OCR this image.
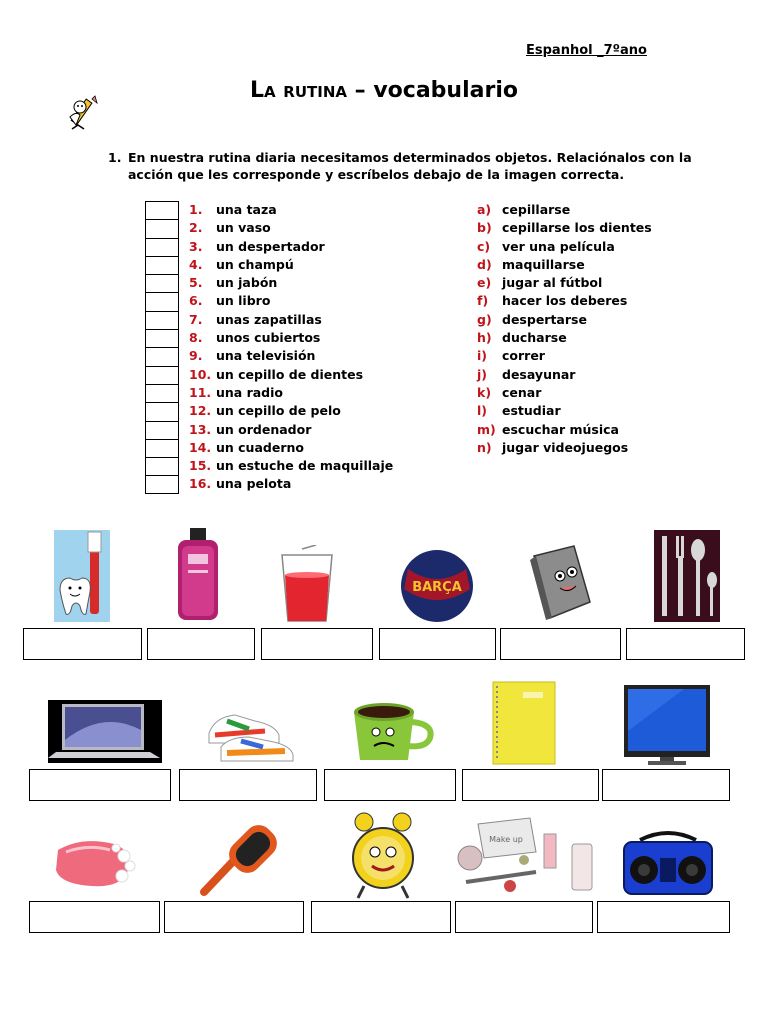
Espanhol _7ºano
La rutina – vocabulario
1. En nuestra rutina diaria necesitamos determinados objetos. Relaciónalos con la acción que les corresponde y escríbelos debajo de la imagen correcta.
1. una taza
2. un vaso
3. un despertador
4. un champú
5. un jabón
6. un libro
7. unas zapatillas
8. unos cubiertos
9. una televisión
10. un cepillo de dientes
11. una radio
12. un cepillo de pelo
13. un ordenador
14. un cuaderno
15. un estuche de maquillaje
16. una pelota
a) cepillarse
b) cepillarse los dientes
c) ver una película
d) maquillarse
e) jugar al fútbol
f) hacer los deberes
g) despertarse
h) ducharse
i) correr
j) desayunar
k) cenar
l) estudiar
m) escuchar música
n) jugar videojuegos
BARÇA
Make up
